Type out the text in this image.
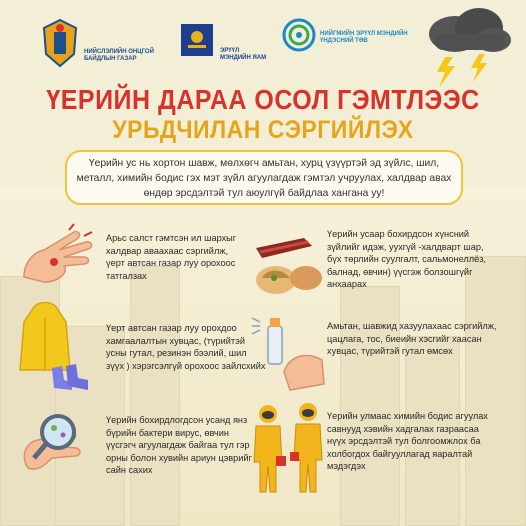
НИЙСЛЭЛИЙН ОНЦГОЙ
БАЙДЛЫН ГАЗАР
ЭРҮҮЛ
МЭНДИЙН ЯАМ
НИЙГМИЙН ЭРҮҮЛ МЭНДИЙН
ҮНДЭСНИЙ ТӨВ
ҮЕРИЙН ДАРАА ОСОЛ ГЭМТЛЭЭС
УРЬДЧИЛАН СЭРГИЙЛЭХ
Үерийн ус нь хортон шавж, мөлхөгч амьтан, хурц үзүүртэй эд зүйлс, шил, металл, химийн бодис гэх мэт зүйл агуулагдаж гэмтэл учруулах, халдвар авах өндөр эрсдэлтэй тул аюулгүй байдлаа хангана уу!
Арьс салст гэмтсэн ил шархыг халдвар аваахаас сэргийлж, үерт автсан газар луу орохоос татгалзах
Үерийн усаар бохирдсон хүнсний зүйлийг идэж, уухгүй -халдварт шар, бүх төрлийн суулгалт, сальмонеллёз, балнад, өвчин) үүсгэж болзошгүйг анхаарах
Үерт автсан газар луу орохдоо хамгаалалтын хувцас, (түрийтэй усны гутал, резинэн бээлий, шил зүүх ) хэрэгсэлгүй орохоос зайлсхийх
Амьтан, шавжид хазуулахаас сэргийлж, цацлага, тос, биеийн хэсгийг хаасан хувцас, түрийтэй гутал өмсөх
Үерийн бохирдлогдсон усанд янз бүрийн бактери вирус, өвчин үүсгэгч агуулагдаж байгаа тул гэр орны болон хувийн ариун цэврийг сайн сахих
Үерийн улмаас химийн бодис агуулах савнууд хэвийн хадгалах газраасаа нүүх эрсдэлтэй тул болгоомжлох ба холбогдох байгууллагад яаралтай мэдэгдэх
